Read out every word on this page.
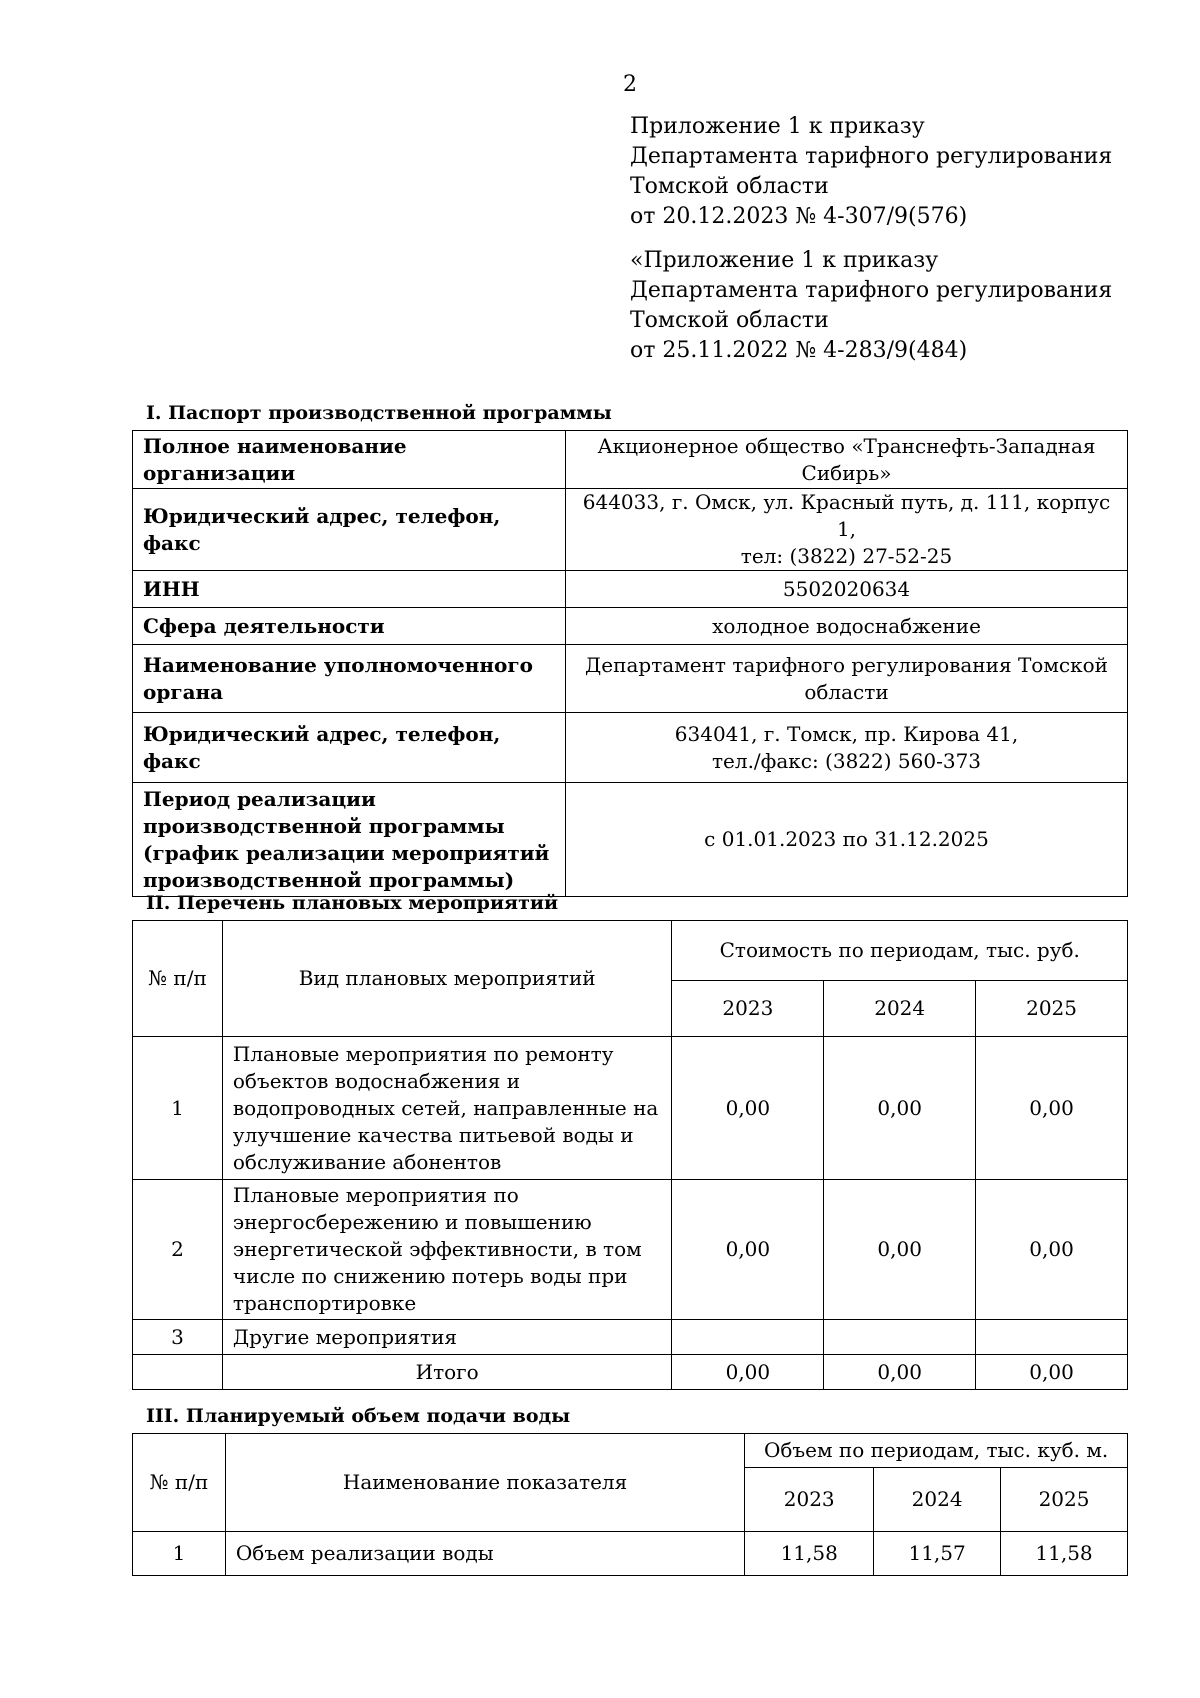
2
Приложение 1 к приказу
Департамента тарифного регулирования
Томской области
от 20.12.2023 № 4-307/9(576)
«Приложение 1 к приказу
Департамента тарифного регулирования
Томской области
от 25.11.2022 № 4-283/9(484)
I. Паспорт производственной программы
Полное наименование организации	Акционерное общество «Транснефть-Западная
Сибирь»
Юридический адрес, телефон, факс	644033, г. Омск, ул. Красный путь, д. 111, корпус 1,
тел: (3822) 27-52-25
ИНН	5502020634
Сфера деятельности	холодное водоснабжение
Наименование уполномоченного
органа	Департамент тарифного регулирования Томской
области
Юридический адрес, телефон, факс	634041, г. Томск, пр. Кирова 41,
тел./факс: (3822) 560-373
Период реализации
производственной программы
(график реализации мероприятий
производственной программы)	с 01.01.2023 по 31.12.2025
II. Перечень плановых мероприятий
№ п/п	Вид плановых мероприятий	Стоимость по периодам, тыс. руб.		
		2023	2024	2025
1	Плановые мероприятия по ремонту
объектов водоснабжения и
водопроводных сетей, направленные на
улучшение качества питьевой воды и
обслуживание абонентов	0,00	0,00	0,00
2	Плановые мероприятия по
энергосбережению и повышению
энергетической эффективности, в том
числе по снижению потерь воды при
транспортировке	0,00	0,00	0,00
3	Другие мероприятия			
	Итого	0,00	0,00	0,00
III. Планируемый объем подачи воды
№ п/п	Наименование показателя	Объем по периодам, тыс. куб. м.		
		2023	2024	2025
1	Объем реализации воды	11,58	11,57	11,58
